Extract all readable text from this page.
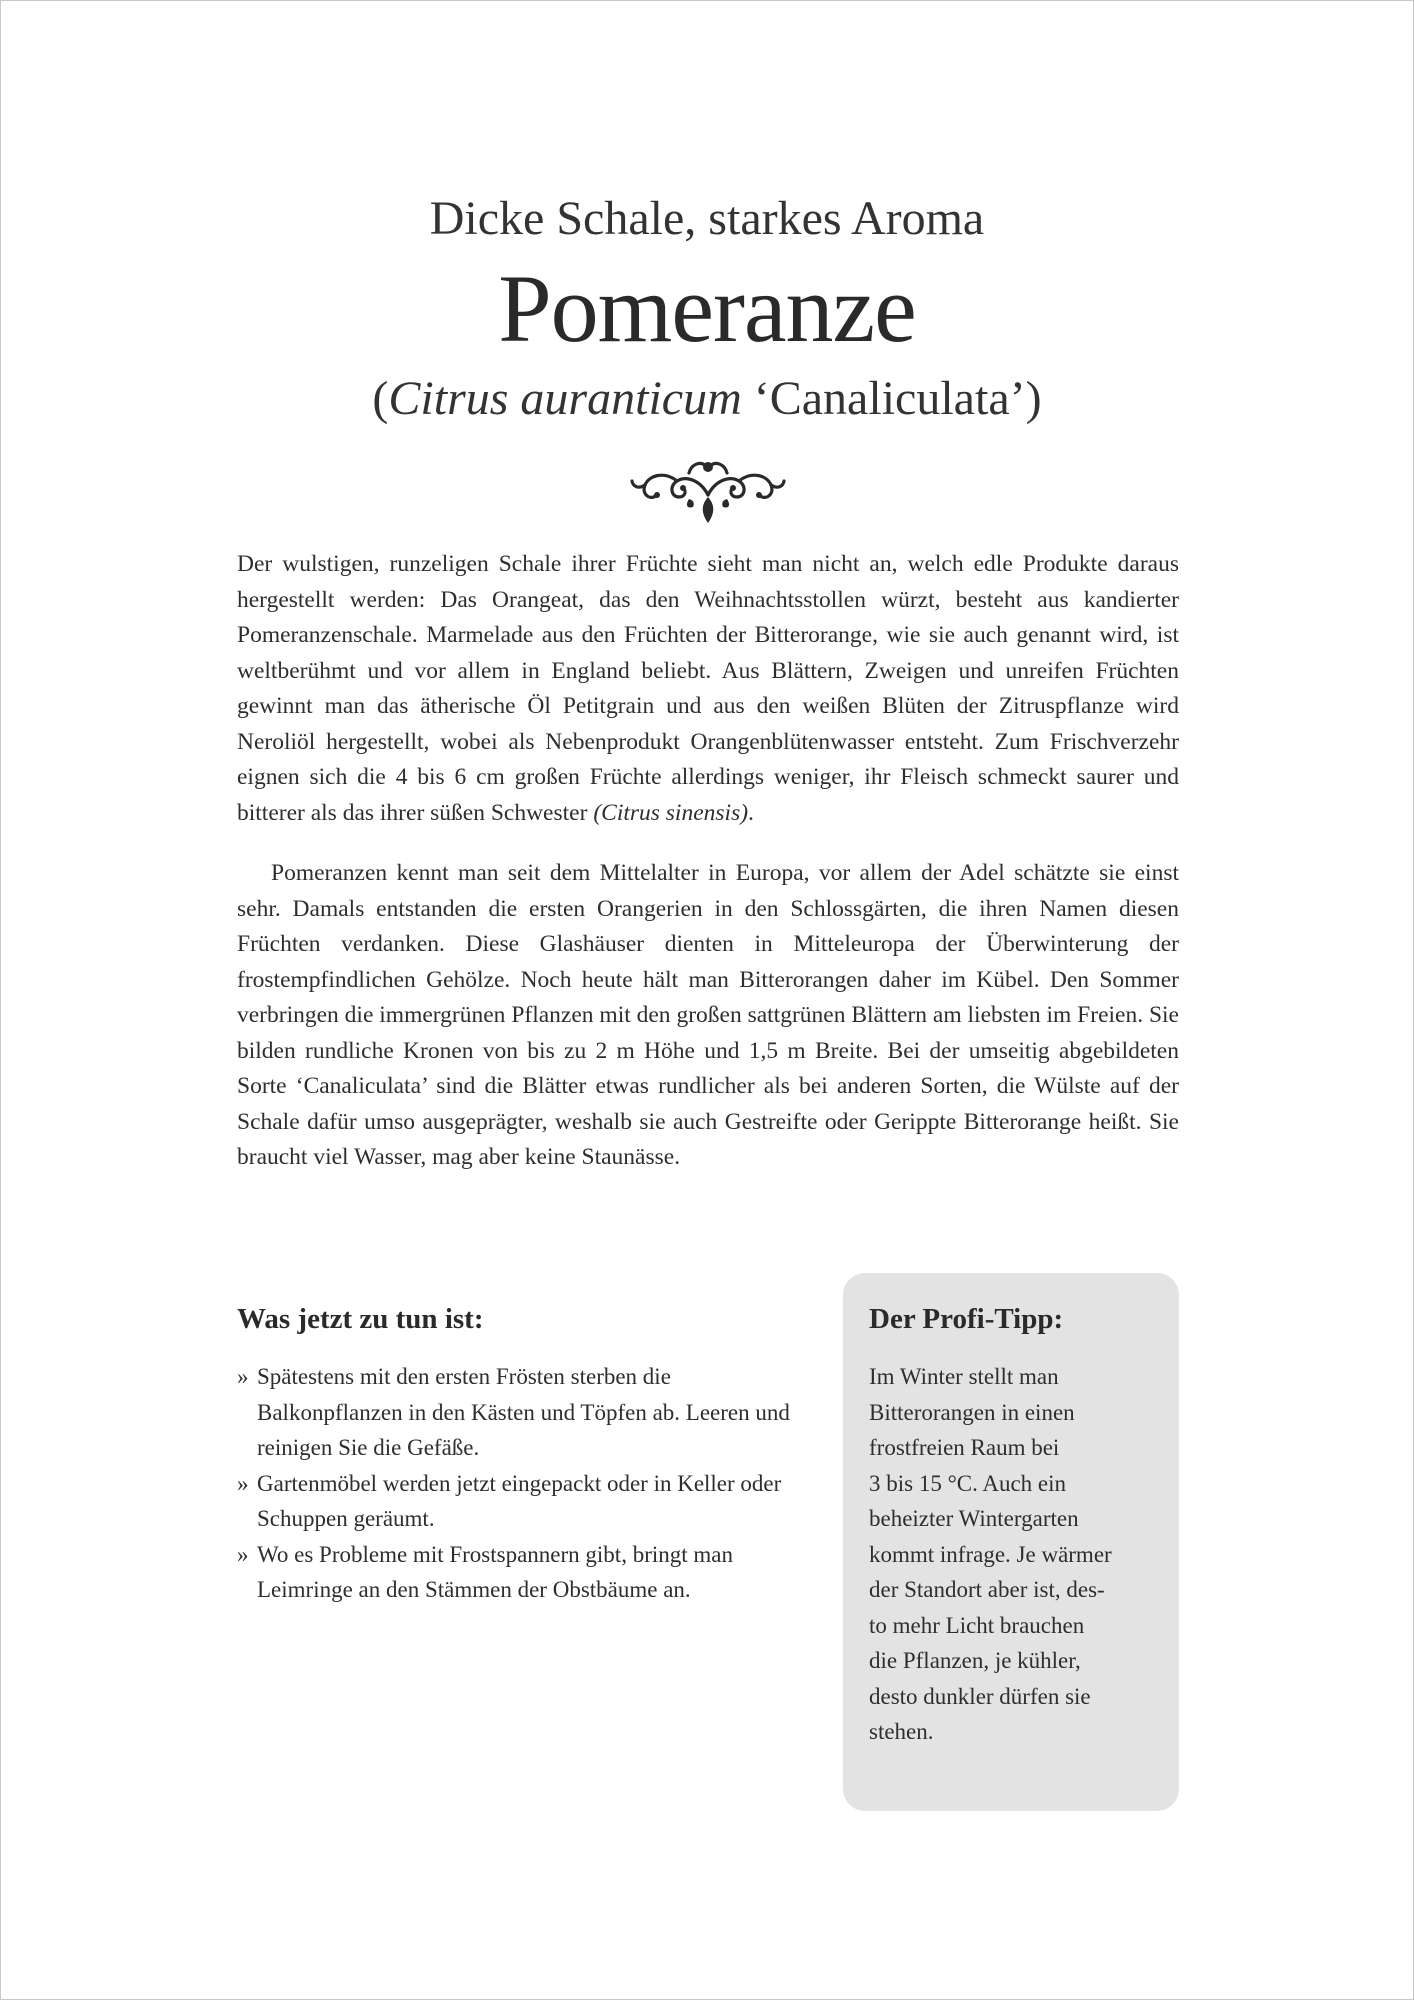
Dicke Schale, starkes Aroma
Pomeranze
(Citrus auranticum ‘Canaliculata’)

Der wulstigen, runzeligen Schale ihrer Früchte sieht man nicht an, welch edle Produkte daraus hergestellt werden: Das Orangeat, das den Weihnachtsstollen würzt, besteht aus kandierter Pomeranzenschale. Marmelade aus den Früchten der Bitterorange, wie sie auch genannt wird, ist weltberühmt und vor allem in England beliebt. Aus Blättern, Zweigen und unreifen Früchten gewinnt man das ätherische Öl Petitgrain und aus den weißen Blüten der Zitruspflanze wird Neroliöl hergestellt, wobei als Nebenprodukt Orangenblütenwasser entsteht. Zum Frischverzehr eignen sich die 4 bis 6 cm großen Früchte allerdings weniger, ihr Fleisch schmeckt saurer und bitterer als das ihrer süßen Schwester (Citrus sinensis).

Pomeranzen kennt man seit dem Mittelalter in Europa, vor allem der Adel schätzte sie einst sehr. Damals entstanden die ersten Orangerien in den Schlossgärten, die ihren Namen diesen Früchten verdanken. Diese Glashäuser dienten in Mitteleuropa der Überwinterung der frostempfindlichen Gehölze. Noch heute hält man Bitterorangen daher im Kübel. Den Sommer verbringen die immergrünen Pflanzen mit den großen sattgrünen Blättern am liebsten im Freien. Sie bilden rundliche Kronen von bis zu 2 m Höhe und 1,5 m Breite. Bei der umseitig abgebildeten Sorte ‘Canaliculata’ sind die Blätter etwas rundlicher als bei anderen Sorten, die Wülste auf der Schale dafür umso ausgeprägter, weshalb sie auch Gestreifte oder Gerippte Bitterorange heißt. Sie braucht viel Wasser, mag aber keine Staunässe.

Was jetzt zu tun ist:
» Spätestens mit den ersten Frösten sterben die Balkonpflanzen in den Kästen und Töpfen ab. Leeren und reinigen Sie die Gefäße.
» Gartenmöbel werden jetzt eingepackt oder in Keller oder Schuppen geräumt.
» Wo es Probleme mit Frostspannern gibt, bringt man Leimringe an den Stämmen der Obstbäume an.
Der Profi-Tipp:
Im Winter stellt man
Bitterorangen in einen
frostfreien Raum bei
3 bis 15 °C. Auch ein
beheizter Wintergarten
kommt infrage. Je wärmer
der Standort aber ist, des-
to mehr Licht brauchen
die Pflanzen, je kühler,
desto dunkler dürfen sie
stehen.
